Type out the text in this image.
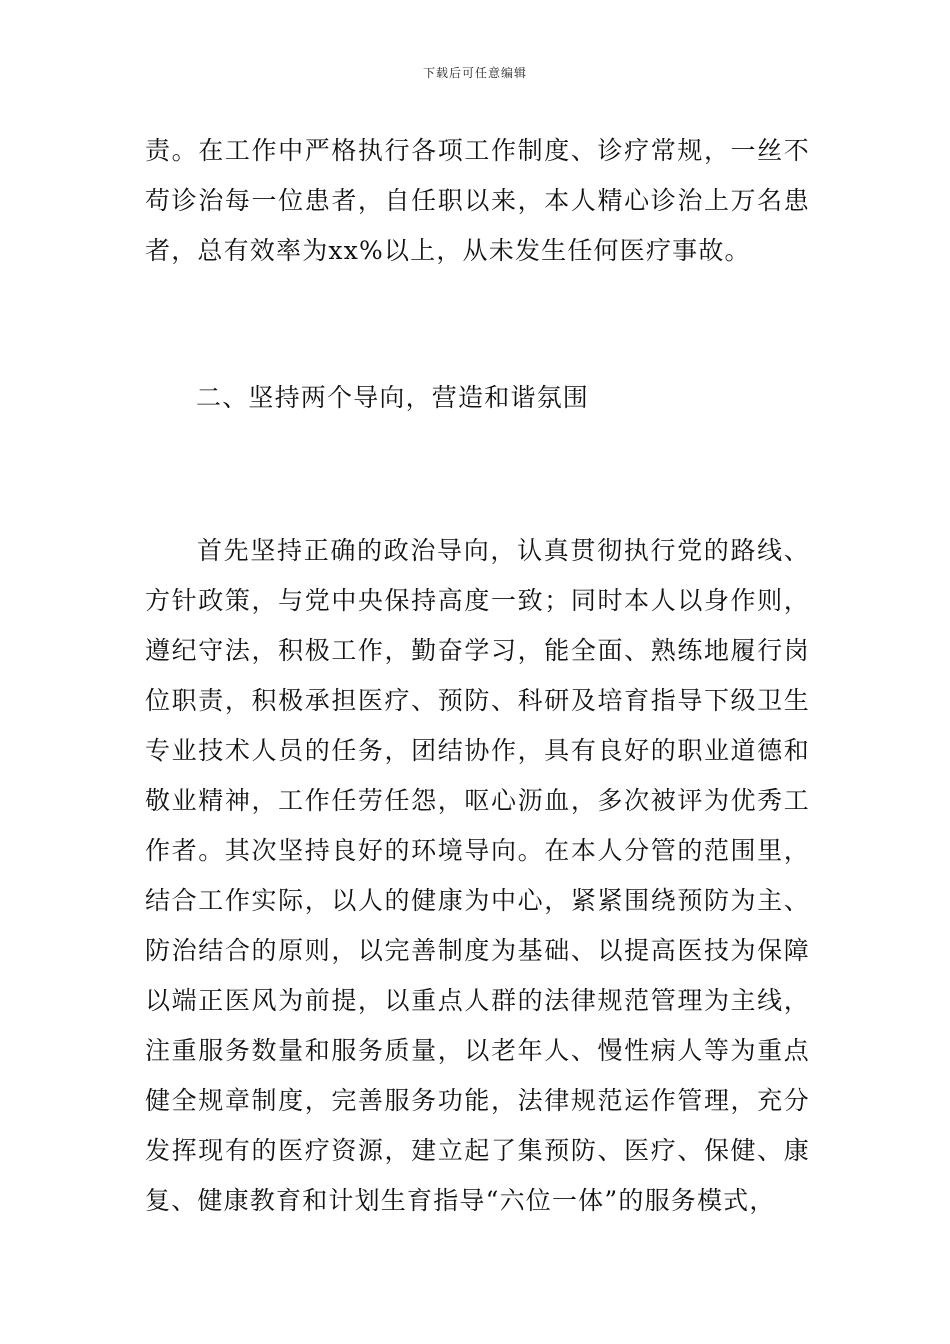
下载后可任意编辑

责。在工作中严格执行各项工作制度、诊疗常规，一丝不苟诊治每一位患者，自任职以来，本人精心诊治上万名患者，总有效率为xx%以上，从未发生任何医疗事故。

二、坚持两个导向，营造和谐氛围

首先坚持正确的政治导向，认真贯彻执行党的路线、方针政策，与党中央保持高度一致；同时本人以身作则，遵纪守法，积极工作，勤奋学习，能全面、熟练地履行岗位职责，积极承担医疗、预防、科研及培育指导下级卫生专业技术人员的任务，团结协作，具有良好的职业道德和敬业精神，工作任劳任怨，呕心沥血，多次被评为优秀工作者。其次坚持良好的环境导向。在本人分管的范围里，结合工作实际，以人的健康为中心，紧紧围绕预防为主、防治结合的原则，以完善制度为基础、以提高医技为保障以端正医风为前提，以重点人群的法律规范管理为主线，注重服务数量和服务质量，以老年人、慢性病人等为重点健全规章制度，完善服务功能，法律规范运作管理，充分发挥现有的医疗资源，建立起了集预防、医疗、保健、康复、健康教育和计划生育指导“六位一体”的服务模式，
